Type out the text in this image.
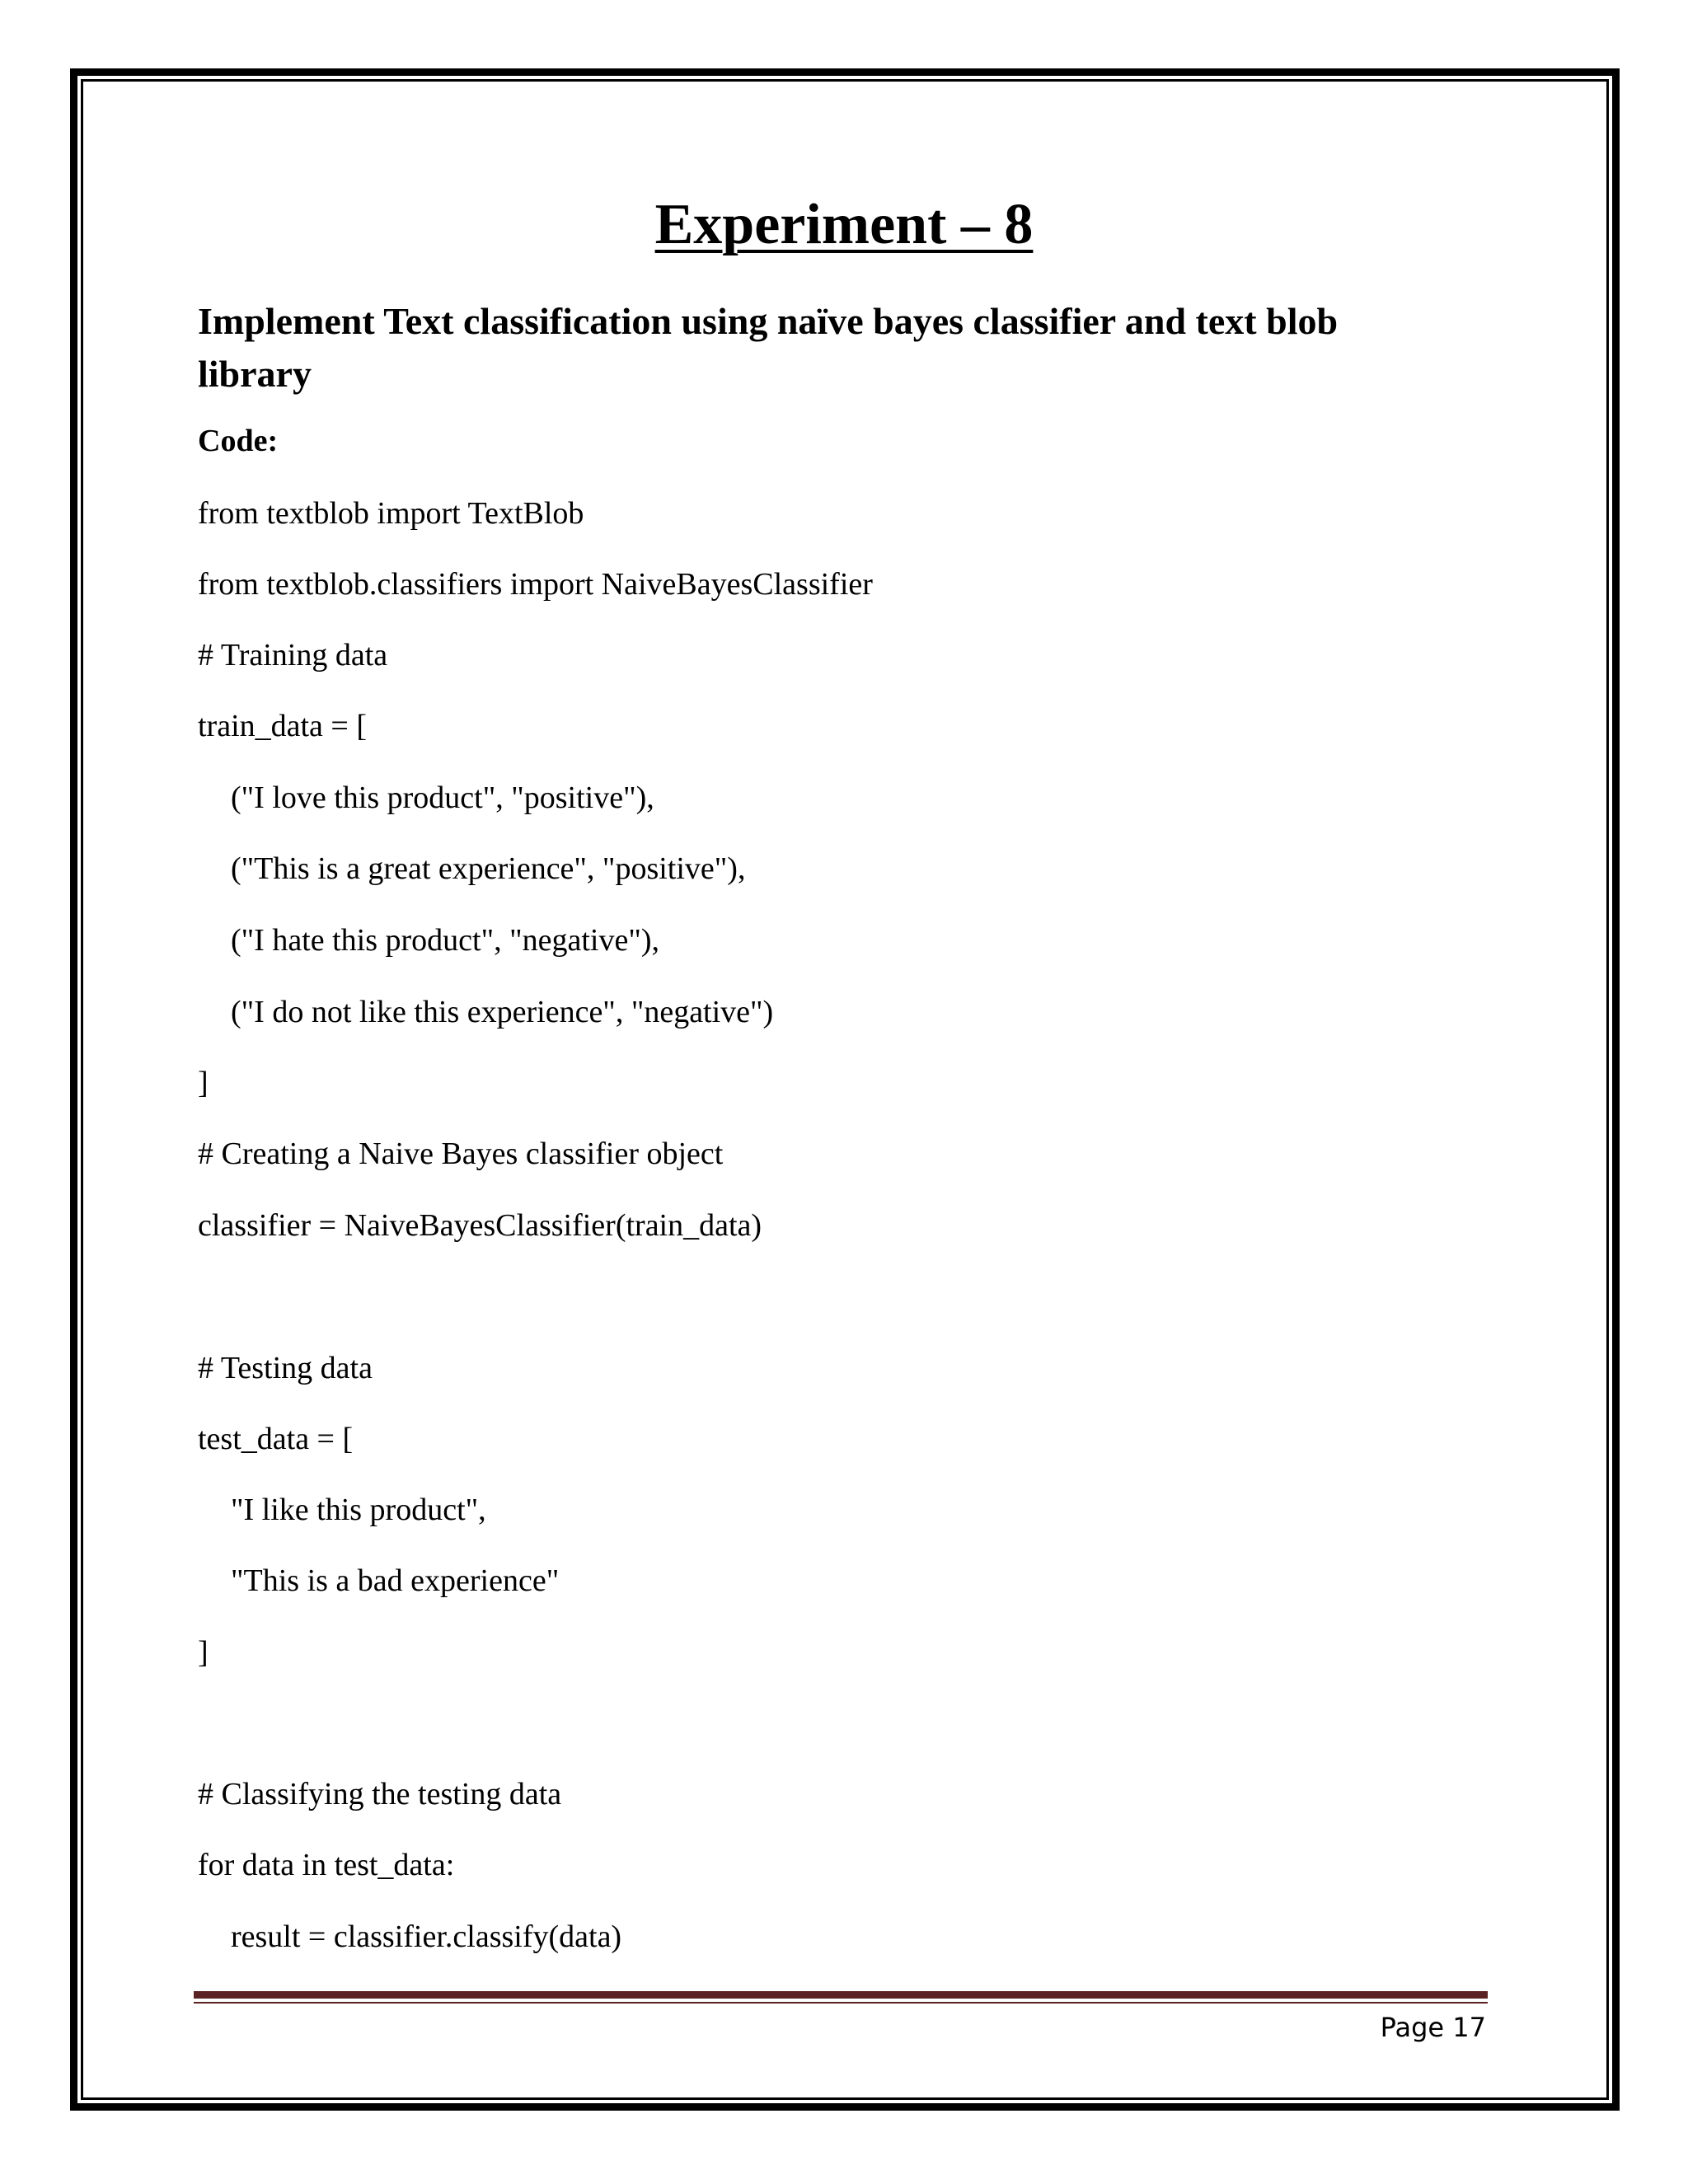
Experiment – 8
Implement Text classification using naïve bayes classifier and text blob library
Code:
from textblob import TextBlob
from textblob.classifiers import NaiveBayesClassifier
# Training data
train_data = [
("I love this product", "positive"),
("This is a great experience", "positive"),
("I hate this product", "negative"),
("I do not like this experience", "negative")
]
# Creating a Naive Bayes classifier object
classifier = NaiveBayesClassifier(train_data)
# Testing data
test_data = [
"I like this product",
"This is a bad experience"
]
# Classifying the testing data
for data in test_data:
result = classifier.classify(data)
Page 17
